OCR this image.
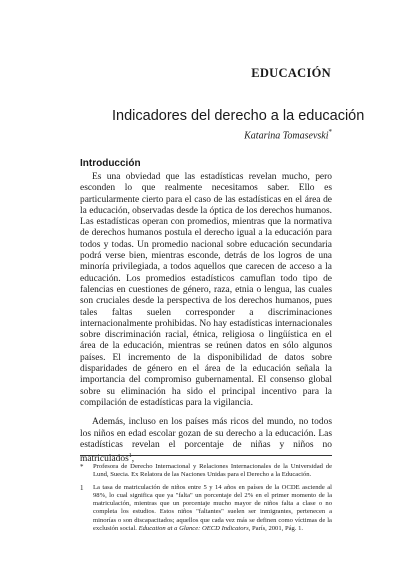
EDUCACIÓN
Indicadores del derecho a la educación
Katarina Tomasevski*
Introducción

Es una obviedad que las estadísticas revelan mucho, pero esconden lo que realmente necesitamos saber. Ello es particularmente cierto para el caso de las estadísticas en el área de la educación, observadas desde la óptica de los derechos humanos. Las estadísticas operan con promedios, mientras que la normativa de derechos humanos postula el derecho igual a la educación para todos y todas. Un promedio nacional sobre educación secundaria podrá verse bien, mientras esconde, detrás de los logros de una minoría privilegiada, a todos aquellos que carecen de acceso a la educación. Los promedios estadísticos camuflan todo tipo de falencias en cuestiones de género, raza, etnia o lengua, las cuales son cruciales desde la perspectiva de los derechos humanos, pues tales faltas suelen corresponder a discriminaciones internacionalmente prohibidas. No hay estadísticas internacionales sobre discriminación racial, étnica, religiosa o lingüística en el área de la educación, mientras se reúnen datos en sólo algunos países. El incremento de la disponibilidad de datos sobre disparidades de género en el área de la educación señala la importancia del compromiso gubernamental. El consenso global sobre su eliminación ha sido el principal incentivo para la compilación de estadísticas para la vigilancia.

Además, incluso en los países más ricos del mundo, no todos los niños en edad escolar gozan de su derecho a la educación. Las estadísticas revelan el porcentaje de niñas y niños no matriculados$^1$,

*	Profesora de Derecho Internacional y Relaciones Internacionales de la Universidad de Lund, Suecia. Ex Relatora de las Naciones Unidas para el Derecho a la Educación.
1	La tasa de matriculación de niños entre 5 y 14 años en países de la OCDE asciende al 98%, lo cual significa que ya "falta" un porcentaje del 2% en el primer momento de la matriculación, mientras que un porcentaje mucho mayor de niños falta a clase o no completa los estudios. Estos niños "faltantes" suelen ser inmigrantes, pertenecen a minorías o son discapacitados; aquellos que cada vez más se definen como víctimas de la exclusión social. Education at a Glance: OECD Indicators, París, 2001, Pág. 1.
